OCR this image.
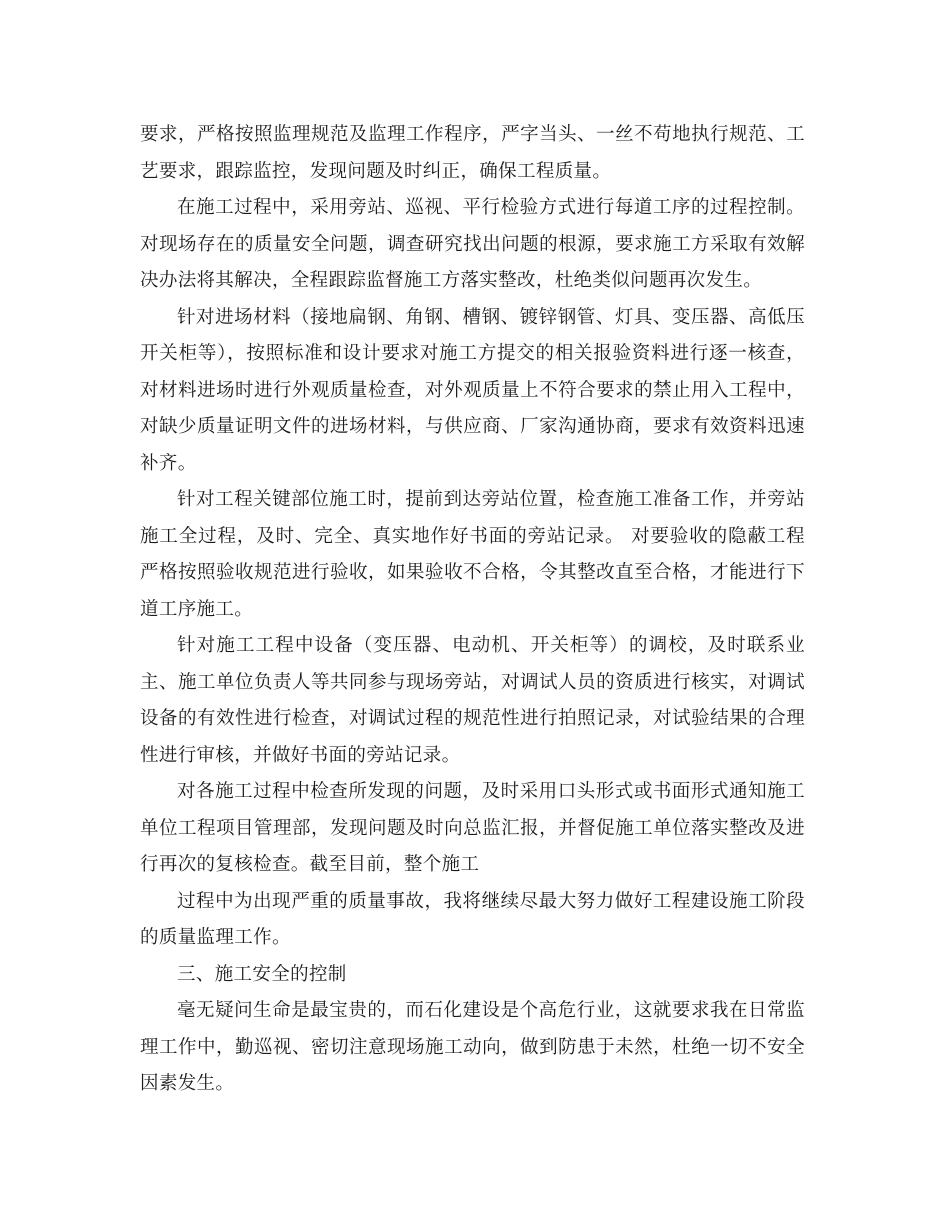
要求，严格按照监理规范及监理工作程序，严字当头、一丝不苟地执行规范、工艺要求，跟踪监控，发现问题及时纠正，确保工程质量。

在施工过程中，采用旁站、巡视、平行检验方式进行每道工序的过程控制。对现场存在的质量安全问题，调查研究找出问题的根源，要求施工方采取有效解决办法将其解决，全程跟踪监督施工方落实整改，杜绝类似问题再次发生。

针对进场材料（接地扁钢、角钢、槽钢、镀锌钢管、灯具、变压器、高低压开关柜等），按照标准和设计要求对施工方提交的相关报验资料进行逐一核查，对材料进场时进行外观质量检查，对外观质量上不符合要求的禁止用入工程中，对缺少质量证明文件的进场材料，与供应商、厂家沟通协商，要求有效资料迅速补齐。

针对工程关键部位施工时，提前到达旁站位置，检查施工准备工作，并旁站施工全过程，及时、完全、真实地作好书面的旁站记录。 对要验收的隐蔽工程严格按照验收规范进行验收，如果验收不合格，令其整改直至合格，才能进行下道工序施工。

针对施工工程中设备（变压器、电动机、开关柜等）的调校，及时联系业主、施工单位负责人等共同参与现场旁站，对调试人员的资质进行核实，对调试设备的有效性进行检查，对调试过程的规范性进行拍照记录，对试验结果的合理性进行审核，并做好书面的旁站记录。

对各施工过程中检查所发现的问题，及时采用口头形式或书面形式通知施工单位工程项目管理部，发现问题及时向总监汇报，并督促施工单位落实整改及进行再次的复核检查。截至目前，整个施工

过程中为出现严重的质量事故，我将继续尽最大努力做好工程建设施工阶段的质量监理工作。

三、施工安全的控制

毫无疑问生命是最宝贵的，而石化建设是个高危行业，这就要求我在日常监理工作中，勤巡视、密切注意现场施工动向，做到防患于未然，杜绝一切不安全因素发生。
